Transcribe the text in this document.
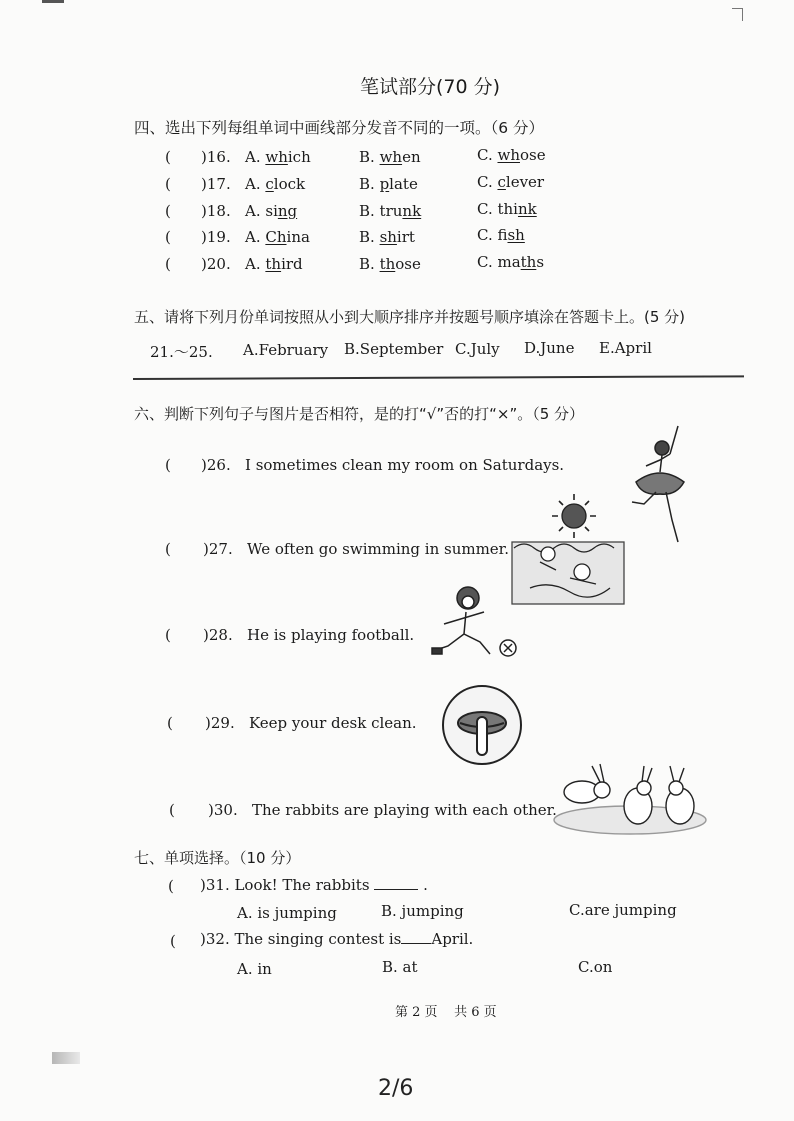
笔试部分(70 分)
四、选出下列每组单词中画线部分发音不同的一项。（6 分）
( )16. A. which	B. when	C. whose
( )17. A. clock	B. plate	C. clever
( )18. A. sing	B. trunk	C. think
( )19. A. China	B. shirt	C. fish
( )20. A. third	B. those	C. maths
五、请将下列月份单词按照从小到大顺序排序并按题号顺序填涂在答题卡上。(5 分)
21.～25. A.February B.September C.July D.June E.April
六、判断下列句子与图片是否相符，是的打“√”否的打“×”。（5 分）
( )26. I sometimes clean my room on Saturdays.
( )27. We often go swimming in summer.
( )28. He is playing football.
( )29. Keep your desk clean.
( )30. The rabbits are playing with each other.
七、单项选择。（10 分）
( )31. Look! The rabbits	.
A. is jumping	B. jumping	C.are jumping
( )32. The singing contest is April.
A. in	B. at	C.on
第 2 页    共 6 页
2/6
